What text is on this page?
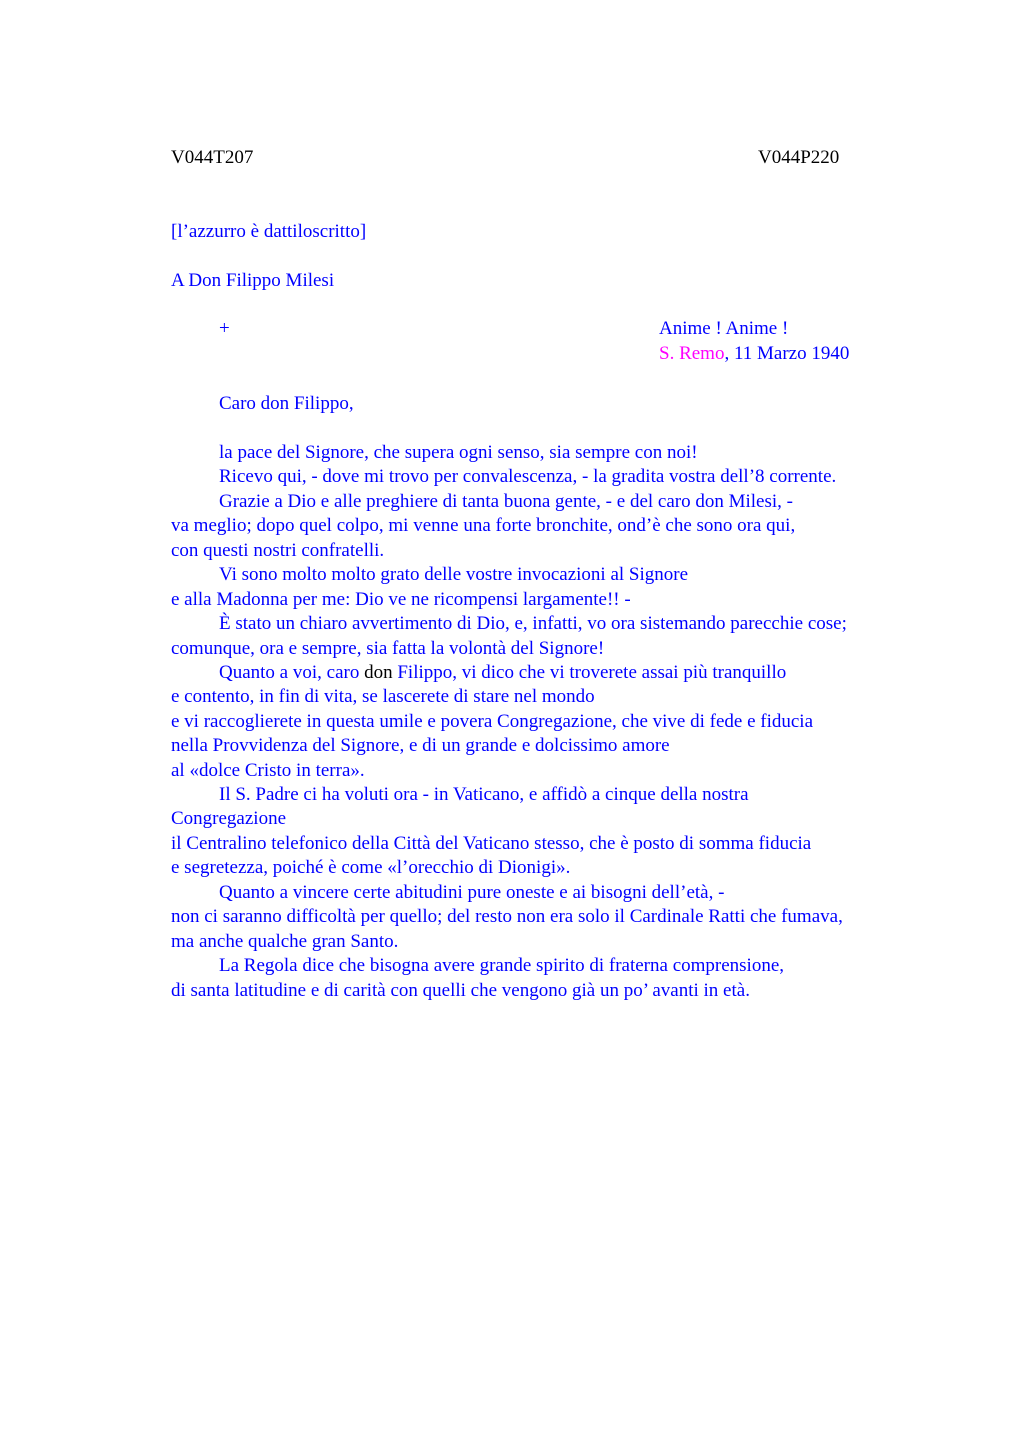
V044T207	V044P220
[l’azzurro è dattiloscritto]
A Don Filippo Milesi
+	Anime ! Anime !
S. Remo, 11 Marzo 1940
Caro don Filippo,
la pace del Signore, che supera ogni senso, sia sempre con noi!
Ricevo qui, - dove mi trovo per convalescenza, - la gradita vostra dell’8 corrente.
Grazie a Dio e alle preghiere di tanta buona gente, - e del caro don Milesi, -
va meglio; dopo quel colpo, mi venne una forte bronchite, ond’è che sono ora qui,
con questi nostri confratelli.
Vi sono molto molto grato delle vostre invocazioni al Signore
e alla Madonna per me: Dio ve ne ricompensi largamente!! -
È stato un chiaro avvertimento di Dio, e, infatti, vo ora sistemando parecchie cose;
comunque, ora e sempre, sia fatta la volontà del Signore!
Quanto a voi, caro don Filippo, vi dico che vi troverete assai più tranquillo
e contento, in fin di vita, se lascerete di stare nel mondo
e vi raccoglierete in questa umile e povera Congregazione, che vive di fede e fiducia
nella Provvidenza del Signore, e di un grande e dolcissimo amore
al «dolce Cristo in terra».
Il S. Padre ci ha voluti ora - in Vaticano, e affidò a cinque della nostra
Congregazione
il Centralino telefonico della Città del Vaticano stesso, che è posto di somma fiducia
e segretezza, poiché è come «l’orecchio di Dionigi».
Quanto a vincere certe abitudini pure oneste e ai bisogni dell’età, -
non ci saranno difficoltà per quello; del resto non era solo il Cardinale Ratti che fumava,
ma anche qualche gran Santo.
La Regola dice che bisogna avere grande spirito di fraterna comprensione,
di santa latitudine e di carità con quelli che vengono già un po’ avanti in età.
